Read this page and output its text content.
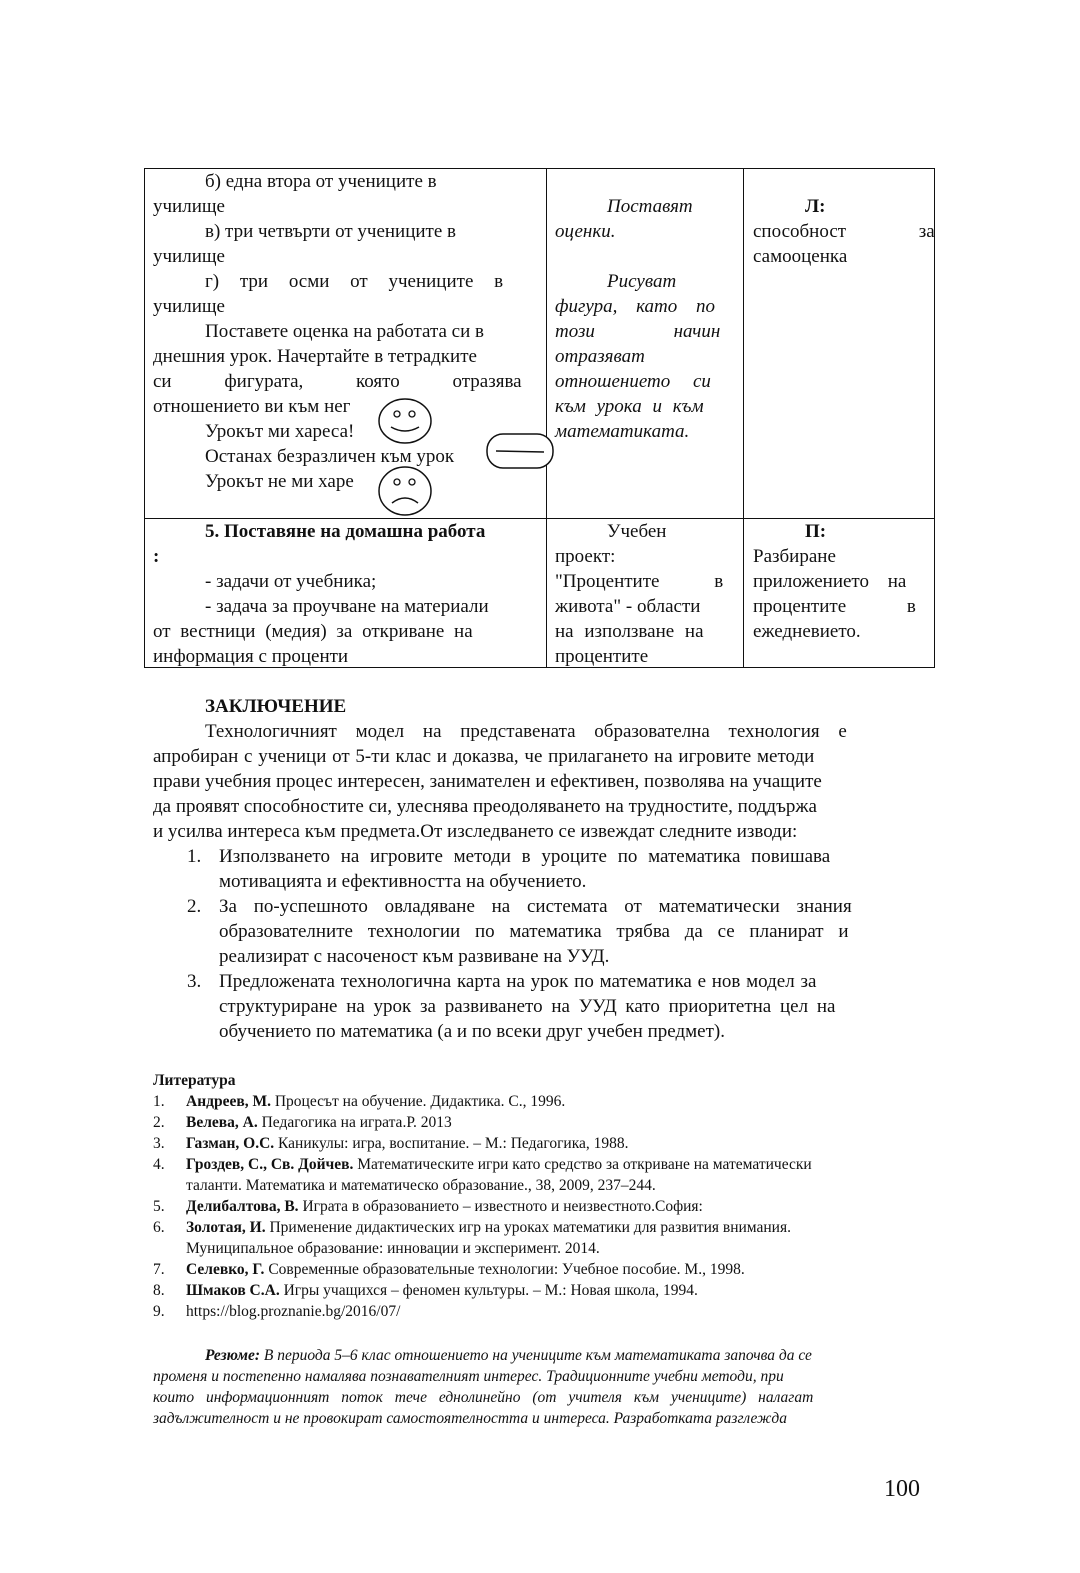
б) една втора от учениците в
училище
в) три четвърти от учениците в
училище
г) три осми от учениците в
училище
Поставете оценка на работата си в
днешния урок. Начертайте в тетрадките
си фигурата, която отразява
отношението ви към нег
Урокът ми хареса!
Останах безразличен към урок
Урокът не ми харе
Поставят
оценки.
Рисуват
фигура, като по
този начин
отразяват
отношението си
към урока и към
математиката.
Л:
способност за
самооценка
5. Поставяне на домашна работа
:
- задачи от учебника;
- задача за проучване на материали
от вестници (медия) за откриване на
информация с проценти
Учебен
проект:
"Процентите в
живота" - области
на използване на
процентите
П:
Разбиране
приложението на
процентите в
ежедневието.
ЗАКЛЮЧЕНИЕ
Технологичният модел на представената образователна технология е
апробиран с ученици от 5-ти клас и доказва, че прилагането на игровите методи
прави учебния процес интересен, занимателен и ефективен, позволява на учащите
да проявят способностите си, улеснява преодоляването на трудностите, поддържа
и усилва интереса към предмета.От изследването се извеждат следните изводи:
1. Използването на игровите методи в уроците по математика повишава
мотивацията и ефективността на обучението.
2. За по-успешното овладяване на системата от математически знания
образователните технологии по математика трябва да се планират и
реализират с насоченост към развиване на УУД.
3. Предложената технологична карта на урок по математика е нов модел за
структуриране на урок за развиването на УУД като приоритетна цел на
обучението по математика (а и по всеки друг учебен предмет).
Литература
1. Андреев, М. Процесът на обучение. Дидактика. С., 1996.
2. Велева, А. Педагогика на играта.Р. 2013
3. Газман, О.С. Каникулы: игра, воспитание. – М.: Педагогика, 1988.
4. Гроздев, С., Св. Дойчев. Математическите игри като средство за откриване на математически
таланти. Математика и математическо образование., 38, 2009, 237–244.
5. Делибалтова, В. Играта в образованието – известното и неизвестното.София:
6. Золотая, И. Применение дидактических игр на уроках математики для развития внимания.
Муниципальное образование: инновации и эксперимент. 2014.
7. Селевко, Г. Современные образовательные технологии: Учебное пособие. М., 1998.
8. Шмаков С.А. Игры учащихся – феномен культуры. – М.: Новая школа, 1994.
9. https://blog.proznanie.bg/2016/07/
Резюме: В периода 5–6 клас отношението на учениците към математиката започва да се
променя и постепенно намалява познавателният интерес. Традиционните учебни методи, при
които информационният поток тече еднолинейно (от учителя към учениците) налагат
задължителност и не провокират самостоятелността и интереса. Разработката разглежда
100
